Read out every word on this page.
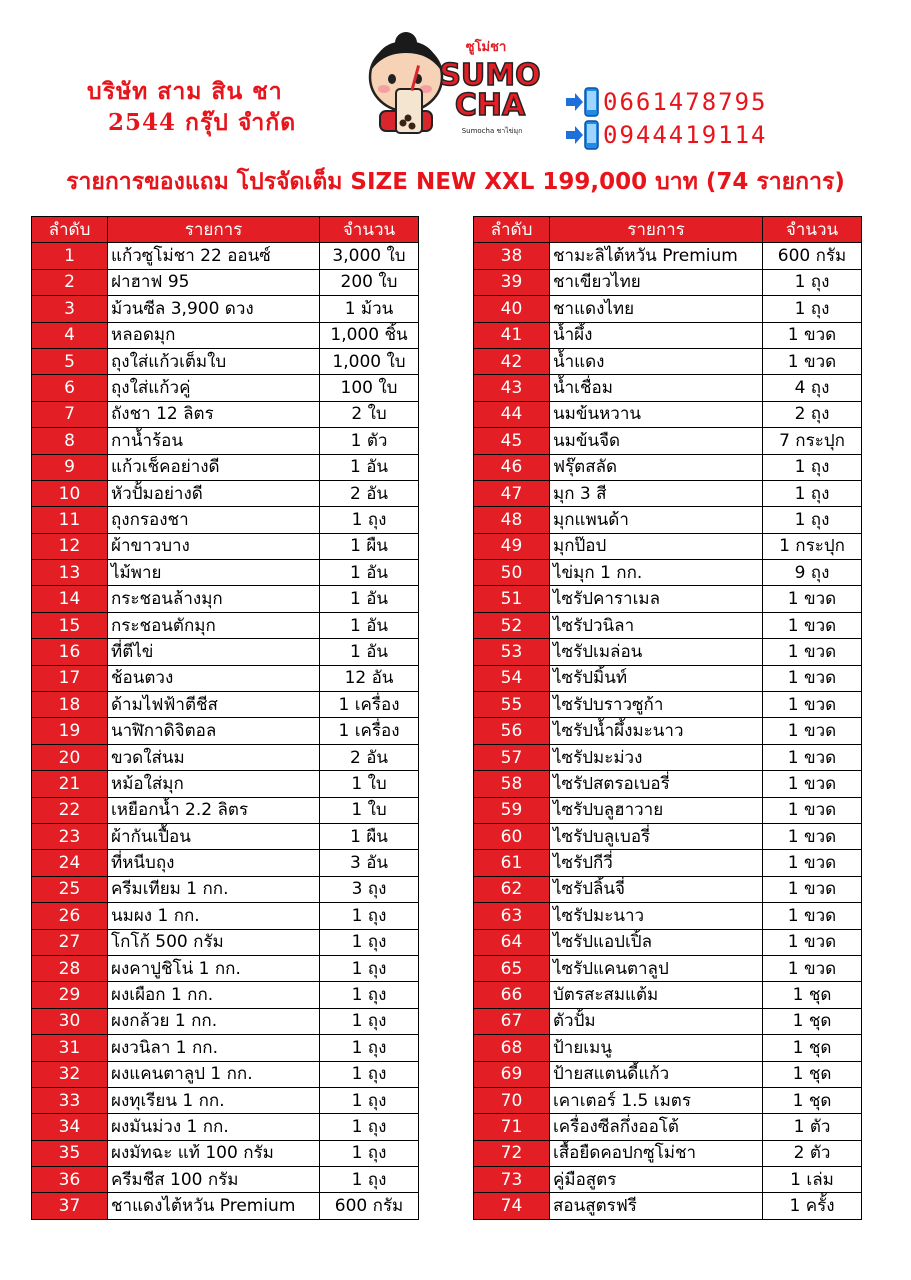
บริษัท สาม สิน ชา
2544 กรุ๊ป จำกัด
ซูโม่ชา
SUMO
CHA
Sumocha ชาไข่มุก
0661478795
0944419114
รายการของแถม โปรจัดเต็ม SIZE NEW XXL 199,000 บาท (74 รายการ)
ลำดับ	รายการ	จำนวน
1	แก้วซูโม่ชา 22 ออนซ์	3,000 ใบ
2	ฝาฮาฟ 95	200 ใบ
3	ม้วนซีล 3,900 ดวง	1 ม้วน
4	หลอดมุก	1,000 ชิ้น
5	ถุงใส่แก้วเต็มใบ	1,000 ใบ
6	ถุงใส่แก้วคู่	100 ใบ
7	ถังชา 12 ลิตร	2 ใบ
8	กาน้ำร้อน	1 ตัว
9	แก้วเช็คอย่างดี	1 อัน
10	หัวปั้มอย่างดี	2 อัน
11	ถุงกรองชา	1 ถุง
12	ผ้าขาวบาง	1 ผืน
13	ไม้พาย	1 อัน
14	กระชอนล้างมุก	1 อัน
15	กระชอนตักมุก	1 อัน
16	ที่ตีไข่	1 อัน
17	ช้อนตวง	12 อัน
18	ด้ามไฟฟ้าตีชีส	1 เครื่อง
19	นาฬิกาดิจิตอล	1 เครื่อง
20	ขวดใส่นม	2 อัน
21	หม้อใส่มุก	1 ใบ
22	เหยือกน้ำ 2.2 ลิตร	1 ใบ
23	ผ้ากันเปื้อน	1 ผืน
24	ที่หนีบถุง	3 อัน
25	ครีมเทียม 1 กก.	3 ถุง
26	นมผง 1 กก.	1 ถุง
27	โกโก้ 500 กรัม	1 ถุง
28	ผงคาปูชิโน่ 1 กก.	1 ถุง
29	ผงเผือก 1 กก.	1 ถุง
30	ผงกล้วย 1 กก.	1 ถุง
31	ผงวนิลา 1 กก.	1 ถุง
32	ผงแคนตาลูป 1 กก.	1 ถุง
33	ผงทุเรียน 1 กก.	1 ถุง
34	ผงมันม่วง 1 กก.	1 ถุง
35	ผงมัทฉะ แท้ 100 กรัม	1 ถุง
36	ครีมชีส 100 กรัม	1 ถุง
37	ชาแดงไต้หวัน Premium	600 กรัม
ลำดับ	รายการ	จำนวน
38	ชามะลิไต้หวัน Premium	600 กรัม
39	ชาเขียวไทย	1 ถุง
40	ชาแดงไทย	1 ถุง
41	น้ำผึ้ง	1 ขวด
42	น้ำแดง	1 ขวด
43	น้ำเชื่อม	4 ถุง
44	นมข้นหวาน	2 ถุง
45	นมข้นจืด	7 กระปุก
46	ฟรุ๊ตสลัด	1 ถุง
47	มุก 3 สี	1 ถุง
48	มุกแพนด้า	1 ถุง
49	มุกป๊อป	1 กระปุก
50	ไข่มุก 1 กก.	9 ถุง
51	ไซรัปคาราเมล	1 ขวด
52	ไซรัปวนิลา	1 ขวด
53	ไซรัปเมล่อน	1 ขวด
54	ไซรัปมิ้นท์	1 ขวด
55	ไซรัปบราวซูก้า	1 ขวด
56	ไซรัปน้ำผึ้งมะนาว	1 ขวด
57	ไซรัปมะม่วง	1 ขวด
58	ไซรัปสตรอเบอรี่	1 ขวด
59	ไซรัปบลูฮาวาย	1 ขวด
60	ไซรัปบลูเบอรี่	1 ขวด
61	ไซรัปกีวี่	1 ขวด
62	ไซรัปลิ้นจี่	1 ขวด
63	ไซรัปมะนาว	1 ขวด
64	ไซรัปแอปเปิ้ล	1 ขวด
65	ไซรัปแคนตาลูป	1 ขวด
66	บัตรสะสมแต้ม	1 ชุด
67	ตัวปั้ม	1 ชุด
68	ป้ายเมนู	1 ชุด
69	ป้ายสแตนดี้แก้ว	1 ชุด
70	เคาเตอร์ 1.5 เมตร	1 ชุด
71	เครื่องซีลกึ่งออโต้	1 ตัว
72	เสื้อยืดคอปกซูโม่ชา	2 ตัว
73	คู่มือสูตร	1 เล่ม
74	สอนสูตรฟรี	1 ครั้ง
